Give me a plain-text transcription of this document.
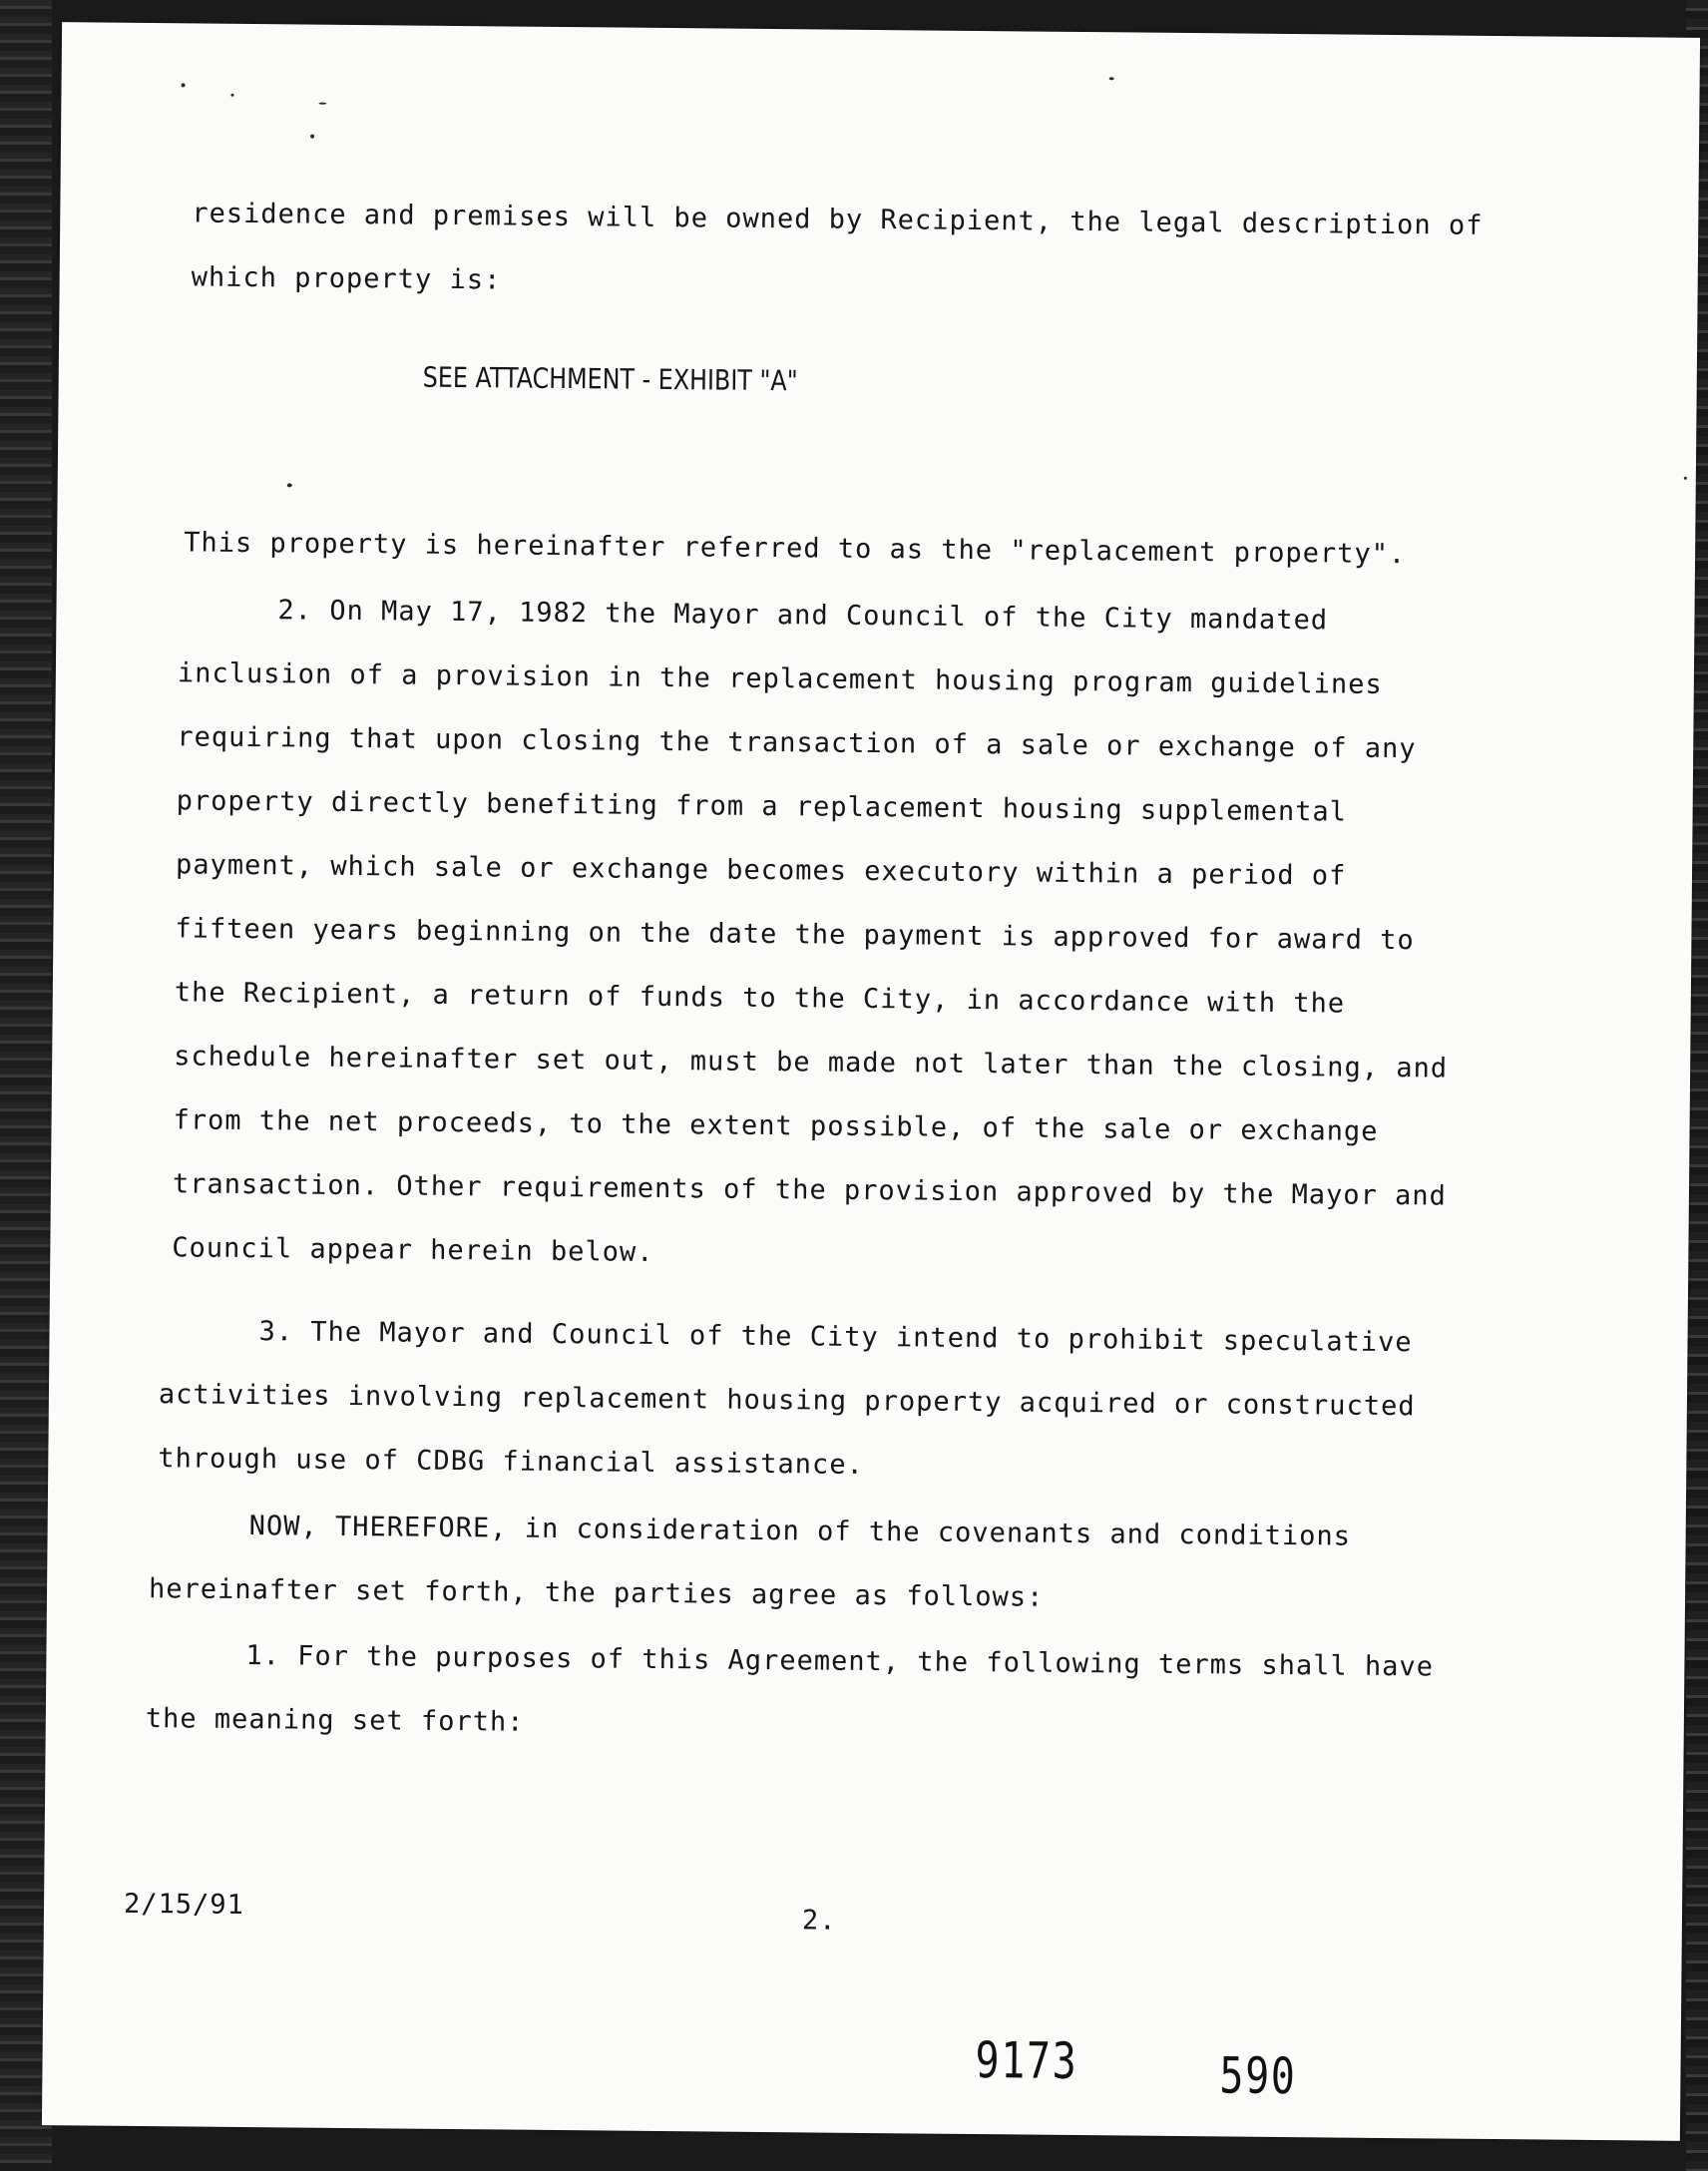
residence and premises will be owned by Recipient, the legal description of
which property is:
SEE ATTACHMENT - EXHIBIT "A"
This property is hereinafter referred to as the "replacement property".
2. On May 17, 1982 the Mayor and Council of the City mandated
inclusion of a provision in the replacement housing program guidelines
requiring that upon closing the transaction of a sale or exchange of any
property directly benefiting from a replacement housing supplemental
payment, which sale or exchange becomes executory within a period of
fifteen years beginning on the date the payment is approved for award to
the Recipient, a return of funds to the City, in accordance with the
schedule hereinafter set out, must be made not later than the closing, and
from the net proceeds, to the extent possible, of the sale or exchange
transaction. Other requirements of the provision approved by the Mayor and
Council appear herein below.
3. The Mayor and Council of the City intend to prohibit speculative
activities involving replacement housing property acquired or constructed
through use of CDBG financial assistance.
NOW, THEREFORE, in consideration of the covenants and conditions
hereinafter set forth, the parties agree as follows:
1. For the purposes of this Agreement, the following terms shall have
the meaning set forth:
2/15/91
2.
9173	590
